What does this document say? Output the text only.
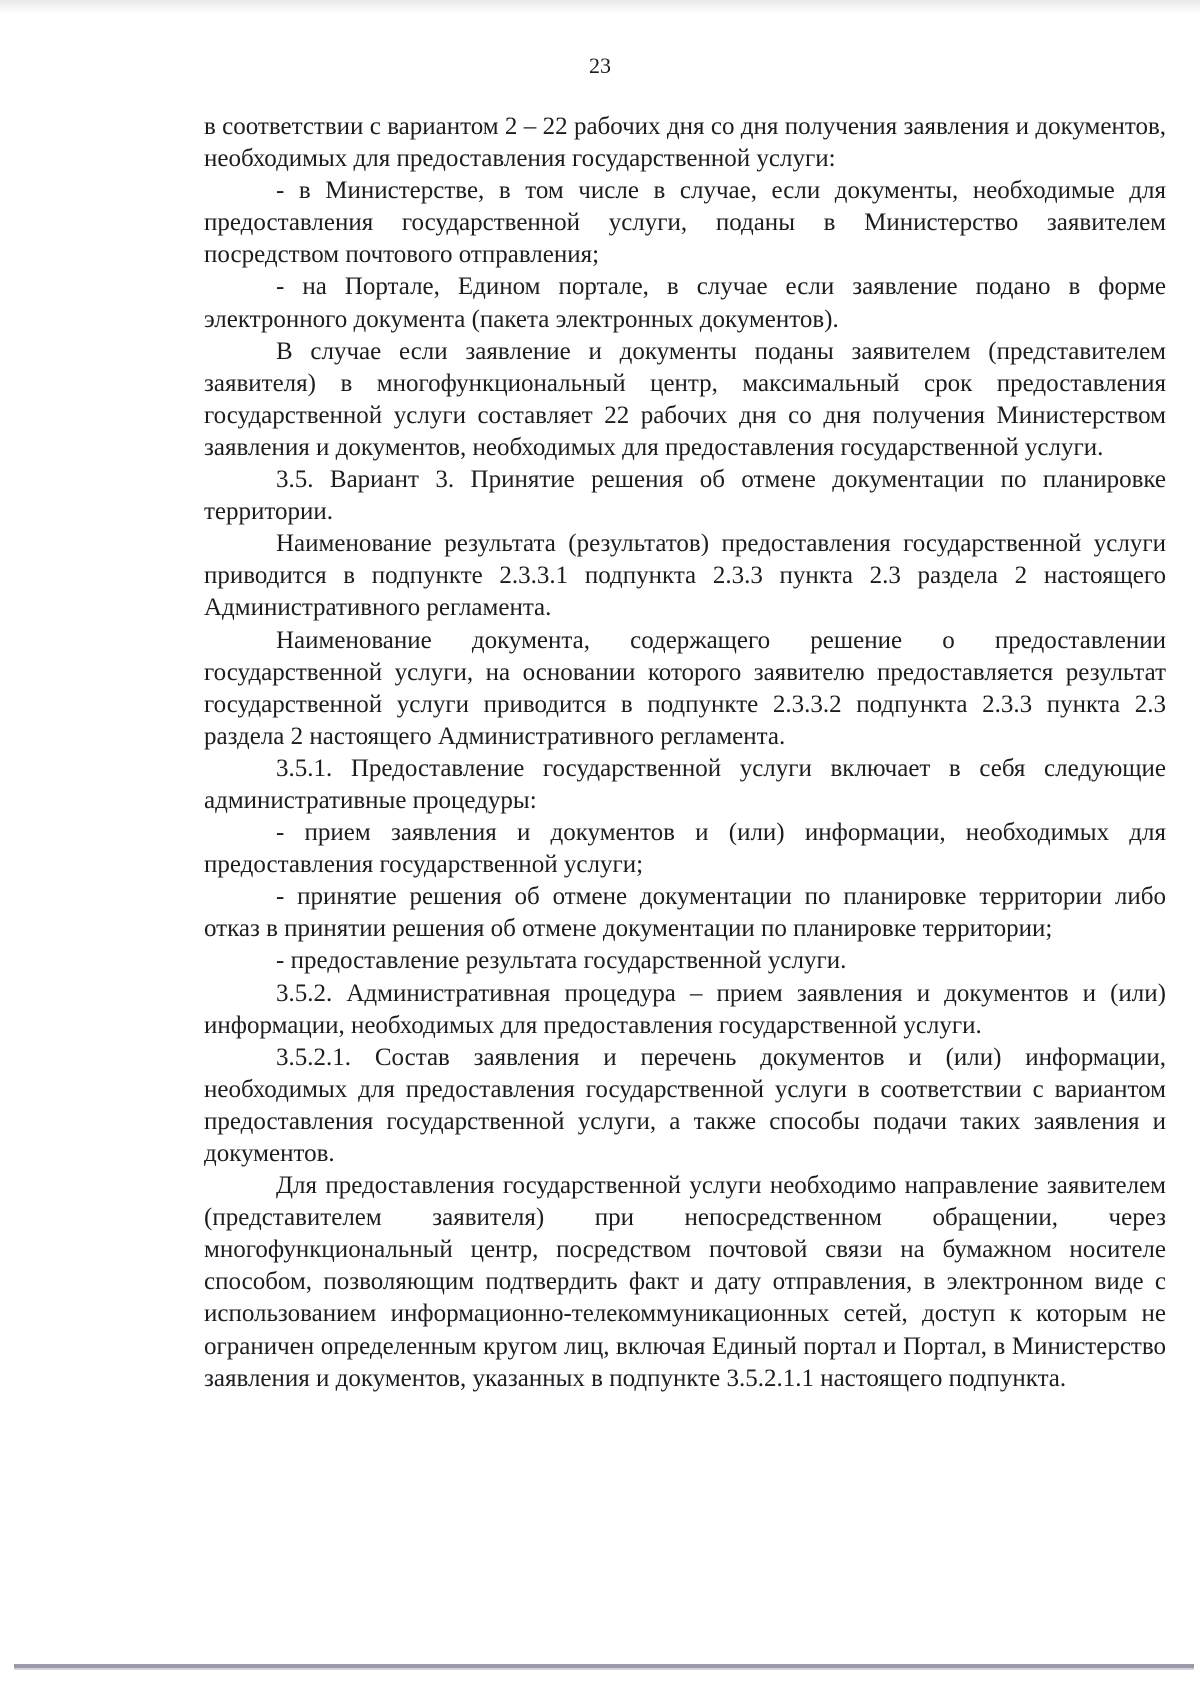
23

в соответствии с вариантом 2 – 22 рабочих дня со дня получения заявления и документов, необходимых для предоставления государственной услуги:

- в Министерстве, в том числе в случае, если документы, необходимые для предоставления государственной услуги, поданы в Министерство заявителем посредством почтового отправления;

- на Портале, Едином портале, в случае если заявление подано в форме электронного документа (пакета электронных документов).

В случае если заявление и документы поданы заявителем (представителем заявителя) в многофункциональный центр, максимальный срок предоставления государственной услуги составляет 22 рабочих дня со дня получения Министерством заявления и документов, необходимых для предоставления государственной услуги.

3.5. Вариант 3. Принятие решения об отмене документации по планировке территории.

Наименование результата (результатов) предоставления государственной услуги приводится в подпункте 2.3.3.1 подпункта 2.3.3 пункта 2.3 раздела 2 настоящего Административного регламента.

Наименование документа, содержащего решение о предоставлении государственной услуги, на основании которого заявителю предоставляется результат государственной услуги приводится в подпункте 2.3.3.2 подпункта 2.3.3 пункта 2.3 раздела 2 настоящего Административного регламента.

3.5.1. Предоставление государственной услуги включает в себя следующие административные процедуры:

- прием заявления и документов и (или) информации, необходимых для предоставления государственной услуги;

- принятие решения об отмене документации по планировке территории либо отказ в принятии решения об отмене документации по планировке территории;

- предоставление результата государственной услуги.

3.5.2. Административная процедура – прием заявления и документов и (или) информации, необходимых для предоставления государственной услуги.

3.5.2.1. Состав заявления и перечень документов и (или) информации, необходимых для предоставления государственной услуги в соответствии с вариантом предоставления государственной услуги, а также способы подачи таких заявления и документов.

Для предоставления государственной услуги необходимо направление заявителем (представителем заявителя) при непосредственном обращении, через многофункциональный центр, посредством почтовой связи на бумажном носителе способом, позволяющим подтвердить факт и дату отправления, в электронном виде с использованием информационно-телекоммуникационных сетей, доступ к которым не ограничен определенным кругом лиц, включая Единый портал и Портал, в Министерство заявления и документов, указанных в подпункте 3.5.2.1.1 настоящего подпункта.
